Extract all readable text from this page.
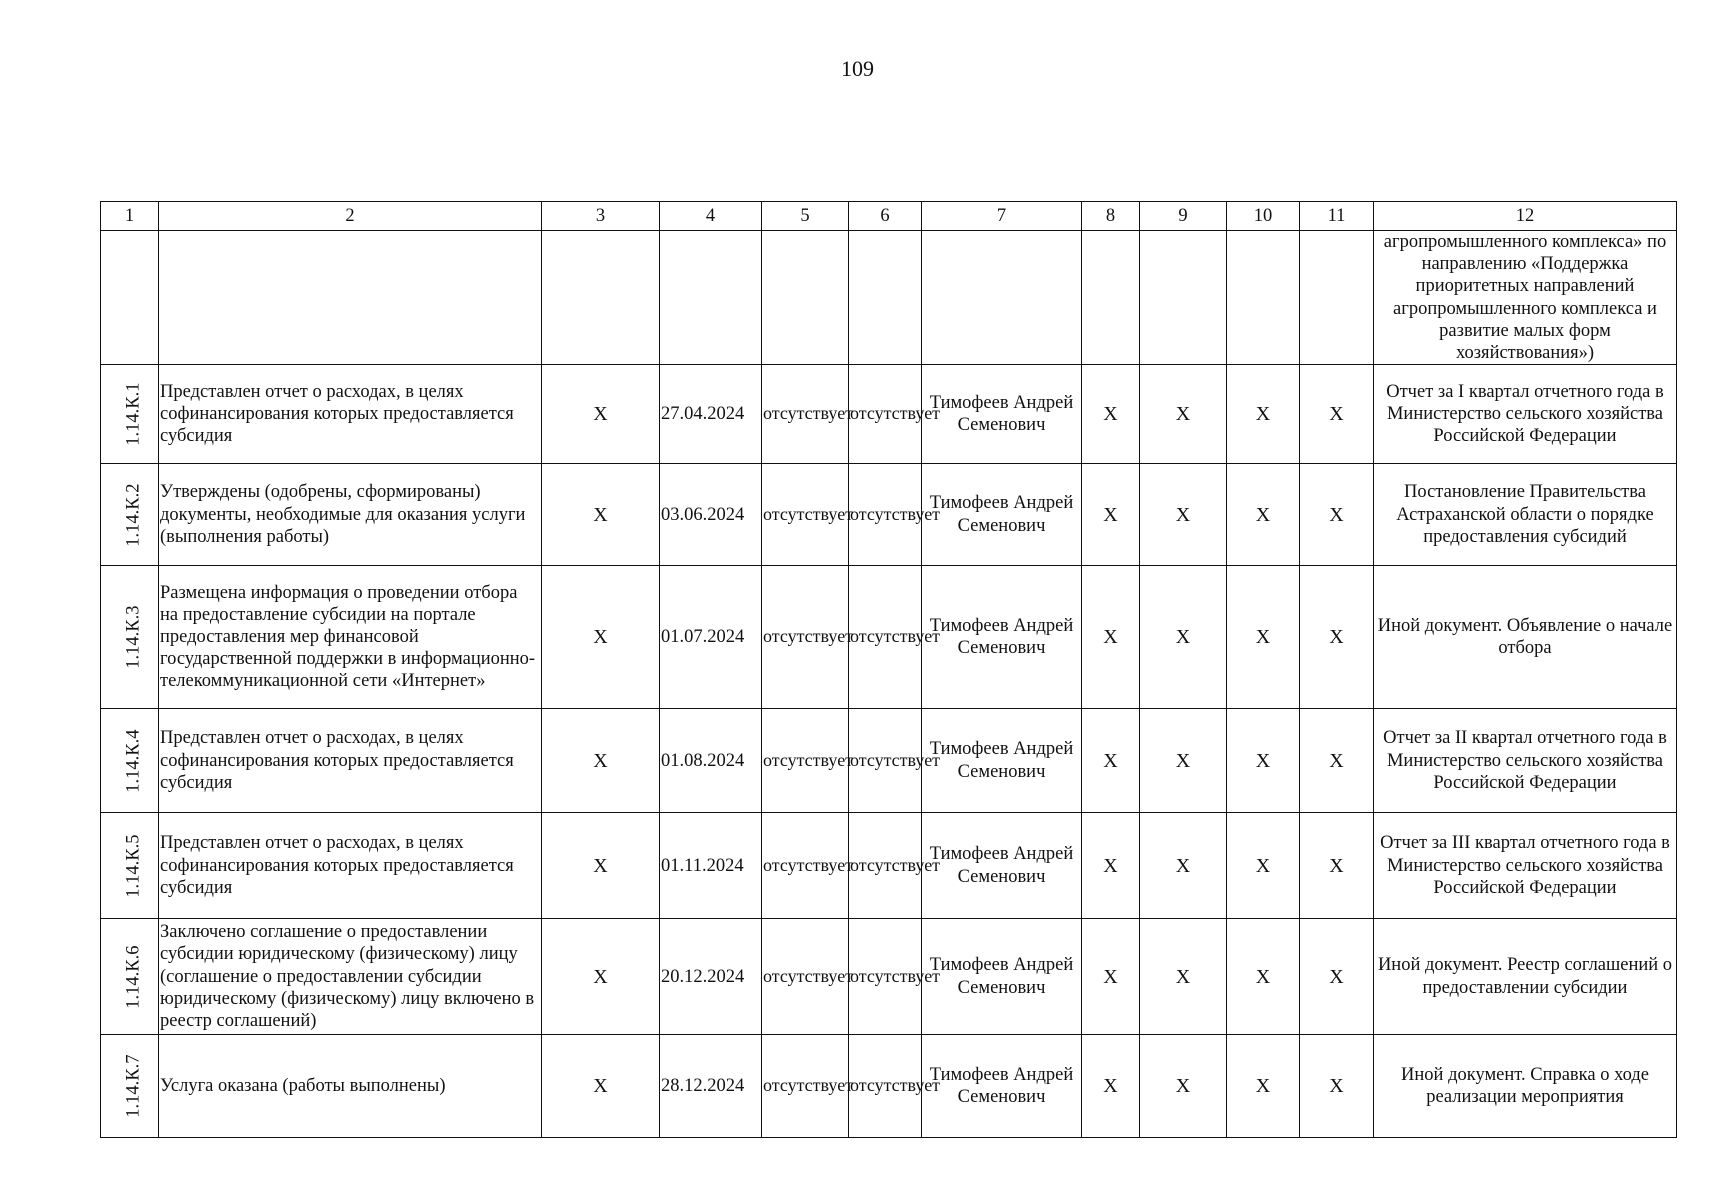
109
1	2	3	4	5	6	7	8	9	10	11	12
											агропромышленного комплекса» по направлению «Поддержка приоритетных направлений агропромышленного комплекса и развитие малых форм хозяйствования»)
1.14.К.1	Представлен отчет о расходах, в целях софинансирования которых предоставляется субсидия	X	27.04.2024	отсутствует	отсутствует	Тимофеев Андрей Семенович	X	X	X	X	Отчет за I квартал отчетного года в Министерство сельского хозяйства Российской Федерации
1.14.К.2	Утверждены (одобрены, сформированы) документы, необходимые для оказания услуги (выполнения работы)	X	03.06.2024	отсутствует	отсутствует	Тимофеев Андрей Семенович	X	X	X	X	Постановление Правительства Астраханской области о порядке предоставления субсидий
1.14.К.3	Размещена информация о проведении отбора на предоставление субсидии на портале предоставления мер финансовой государственной поддержки в информационно-телекоммуникационной сети «Интернет»	X	01.07.2024	отсутствует	отсутствует	Тимофеев Андрей Семенович	X	X	X	X	Иной документ. Объявление о начале отбора
1.14.К.4	Представлен отчет о расходах, в целях софинансирования которых предоставляется субсидия	X	01.08.2024	отсутствует	отсутствует	Тимофеев Андрей Семенович	X	X	X	X	Отчет за II квартал отчетного года в Министерство сельского хозяйства Российской Федерации
1.14.К.5	Представлен отчет о расходах, в целях софинансирования которых предоставляется субсидия	X	01.11.2024	отсутствует	отсутствует	Тимофеев Андрей Семенович	X	X	X	X	Отчет за III квартал отчетного года в Министерство сельского хозяйства Российской Федерации
1.14.К.6	Заключено соглашение о предоставлении субсидии юридическому (физическому) лицу (соглашение о предоставлении субсидии юридическому (физическому) лицу включено в реестр соглашений)	X	20.12.2024	отсутствует	отсутствует	Тимофеев Андрей Семенович	X	X	X	X	Иной документ. Реестр соглашений о предоставлении субсидии
1.14.К.7	Услуга оказана (работы выполнены)	X	28.12.2024	отсутствует	отсутствует	Тимофеев Андрей Семенович	X	X	X	X	Иной документ. Справка о ходе реализации мероприятия
